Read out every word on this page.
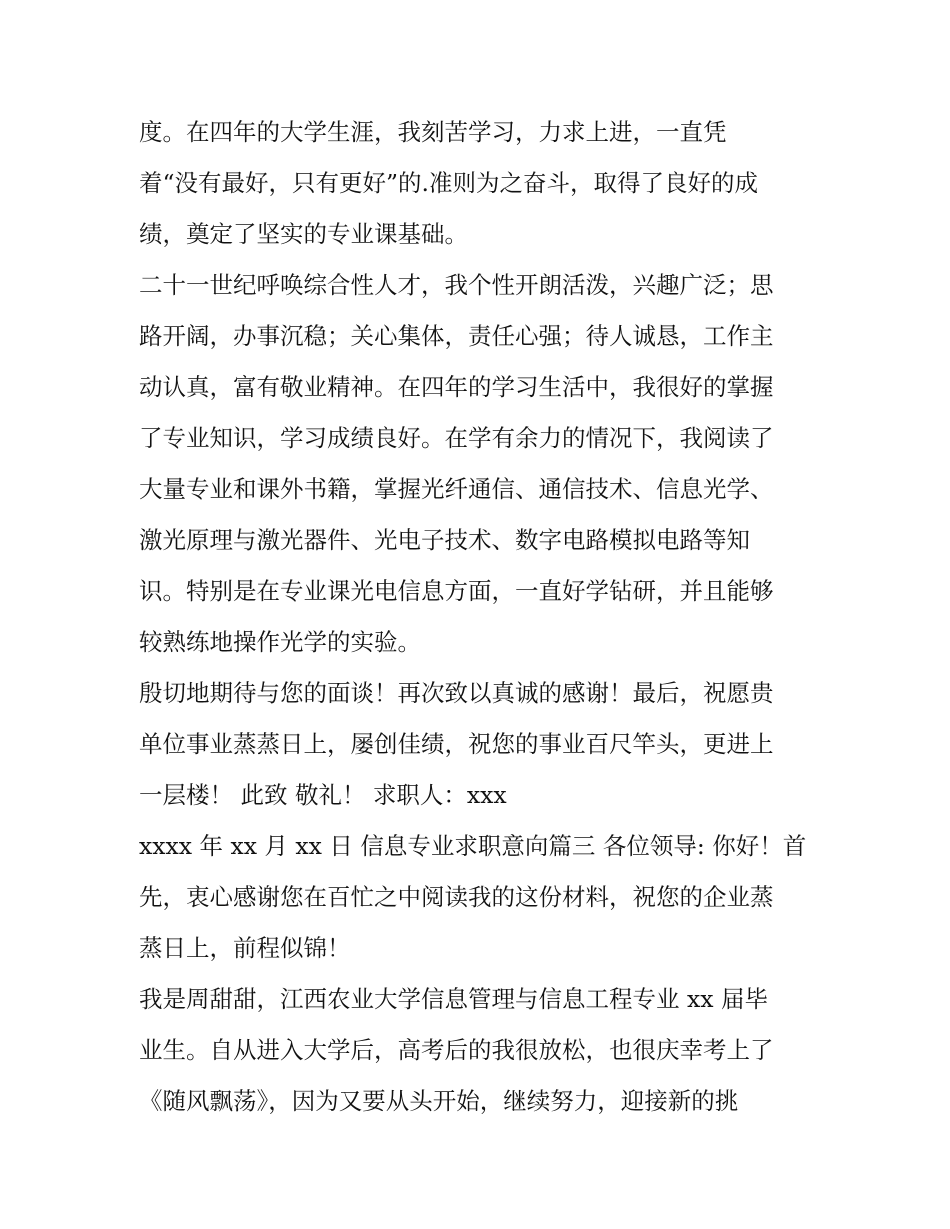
度。在四年的大学生涯，我刻苦学习，力求上进，一直凭
着“没有最好，只有更好”的.准则为之奋斗，取得了良好的成
绩，奠定了坚实的专业课基础。
二十一世纪呼唤综合性人才，我个性开朗活泼，兴趣广泛；思
路开阔，办事沉稳；关心集体，责任心强；待人诚恳，工作主
动认真，富有敬业精神。在四年的学习生活中，我很好的掌握
了专业知识，学习成绩良好。在学有余力的情况下，我阅读了
大量专业和课外书籍，掌握光纤通信、通信技术、信息光学、
激光原理与激光器件、光电子技术、数字电路模拟电路等知
识。特别是在专业课光电信息方面，一直好学钻研，并且能够
较熟练地操作光学的实验。
殷切地期待与您的面谈！再次致以真诚的感谢！最后，祝愿贵
单位事业蒸蒸日上，屡创佳绩，祝您的事业百尺竿头，更进上
一层楼！ 此致 敬礼！ 求职人：xxx
xxxx 年 xx 月 xx 日 信息专业求职意向篇三 各位领导: 你好！首
先，衷心感谢您在百忙之中阅读我的这份材料，祝您的企业蒸
蒸日上，前程似锦！
我是周甜甜，江西农业大学信息管理与信息工程专业 xx 届毕
业生。自从进入大学后，高考后的我很放松，也很庆幸考上了
《随风飘荡》，因为又要从头开始，继续努力，迎接新的挑
